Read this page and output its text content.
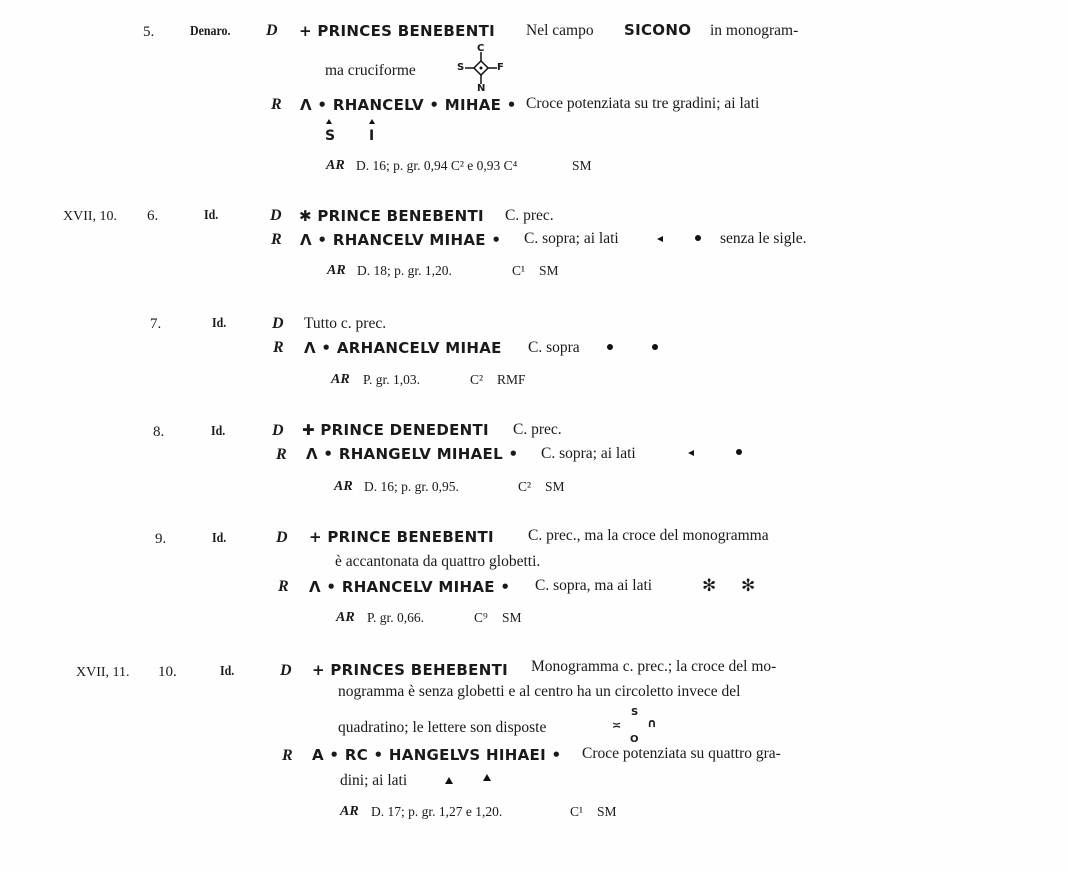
5.	Denaro. D + PRINCES BENEBENTI Nel campo SICONO in monogram-
ma cruciforme
C
S	F
N
R Λ • RHANCELV • MIHAE • Croce potenziata su tre gradini; ai lati
S I
AR D. 16; p. gr. 0,94 C² e 0,93 C⁴	SM
XVII, 10. 6.	Id.	D ✱ PRINCE BENEBENTI C. prec.
R Λ • RHANCELV MIHAE • C. sopra; ai lati	senza le sigle.
AR D. 18; p. gr. 1,20.	C¹ SM
7.	Id.	D Tutto c. prec.
R Λ • ARHANCELV MIHAE C. sopra
AR P. gr. 1,03.	C² RMF
8.	Id.	D ✚ PRINCE DENEDENTI C. prec.
R Λ • RHANGELV MIHAEL • C. sopra; ai lati
AR D. 16; p. gr. 0,95.	C² SM
9.	Id.	D + PRINCE BENEBENTI C. prec., ma la croce del monogramma
è accantonata da quattro globetti.
R Λ • RHANCELV MIHAE • C. sopra, ma ai lati	✻ ✻
AR P. gr. 0,66.	C⁹ SM
XVII, 11. 10.	Id.	D + PRINCES BEHEBENTI Monogramma c. prec.; la croce del mo-
nogramma è senza globetti e al centro ha un circoletto invece del
quadratino; le lettere son disposte
S
≍
O
∩
R A • RC • HANGELVS HIHAEI • Croce potenziata su quattro gra-
dini; ai lati
AR D. 17; p. gr. 1,27 e 1,20.	C¹ SM
